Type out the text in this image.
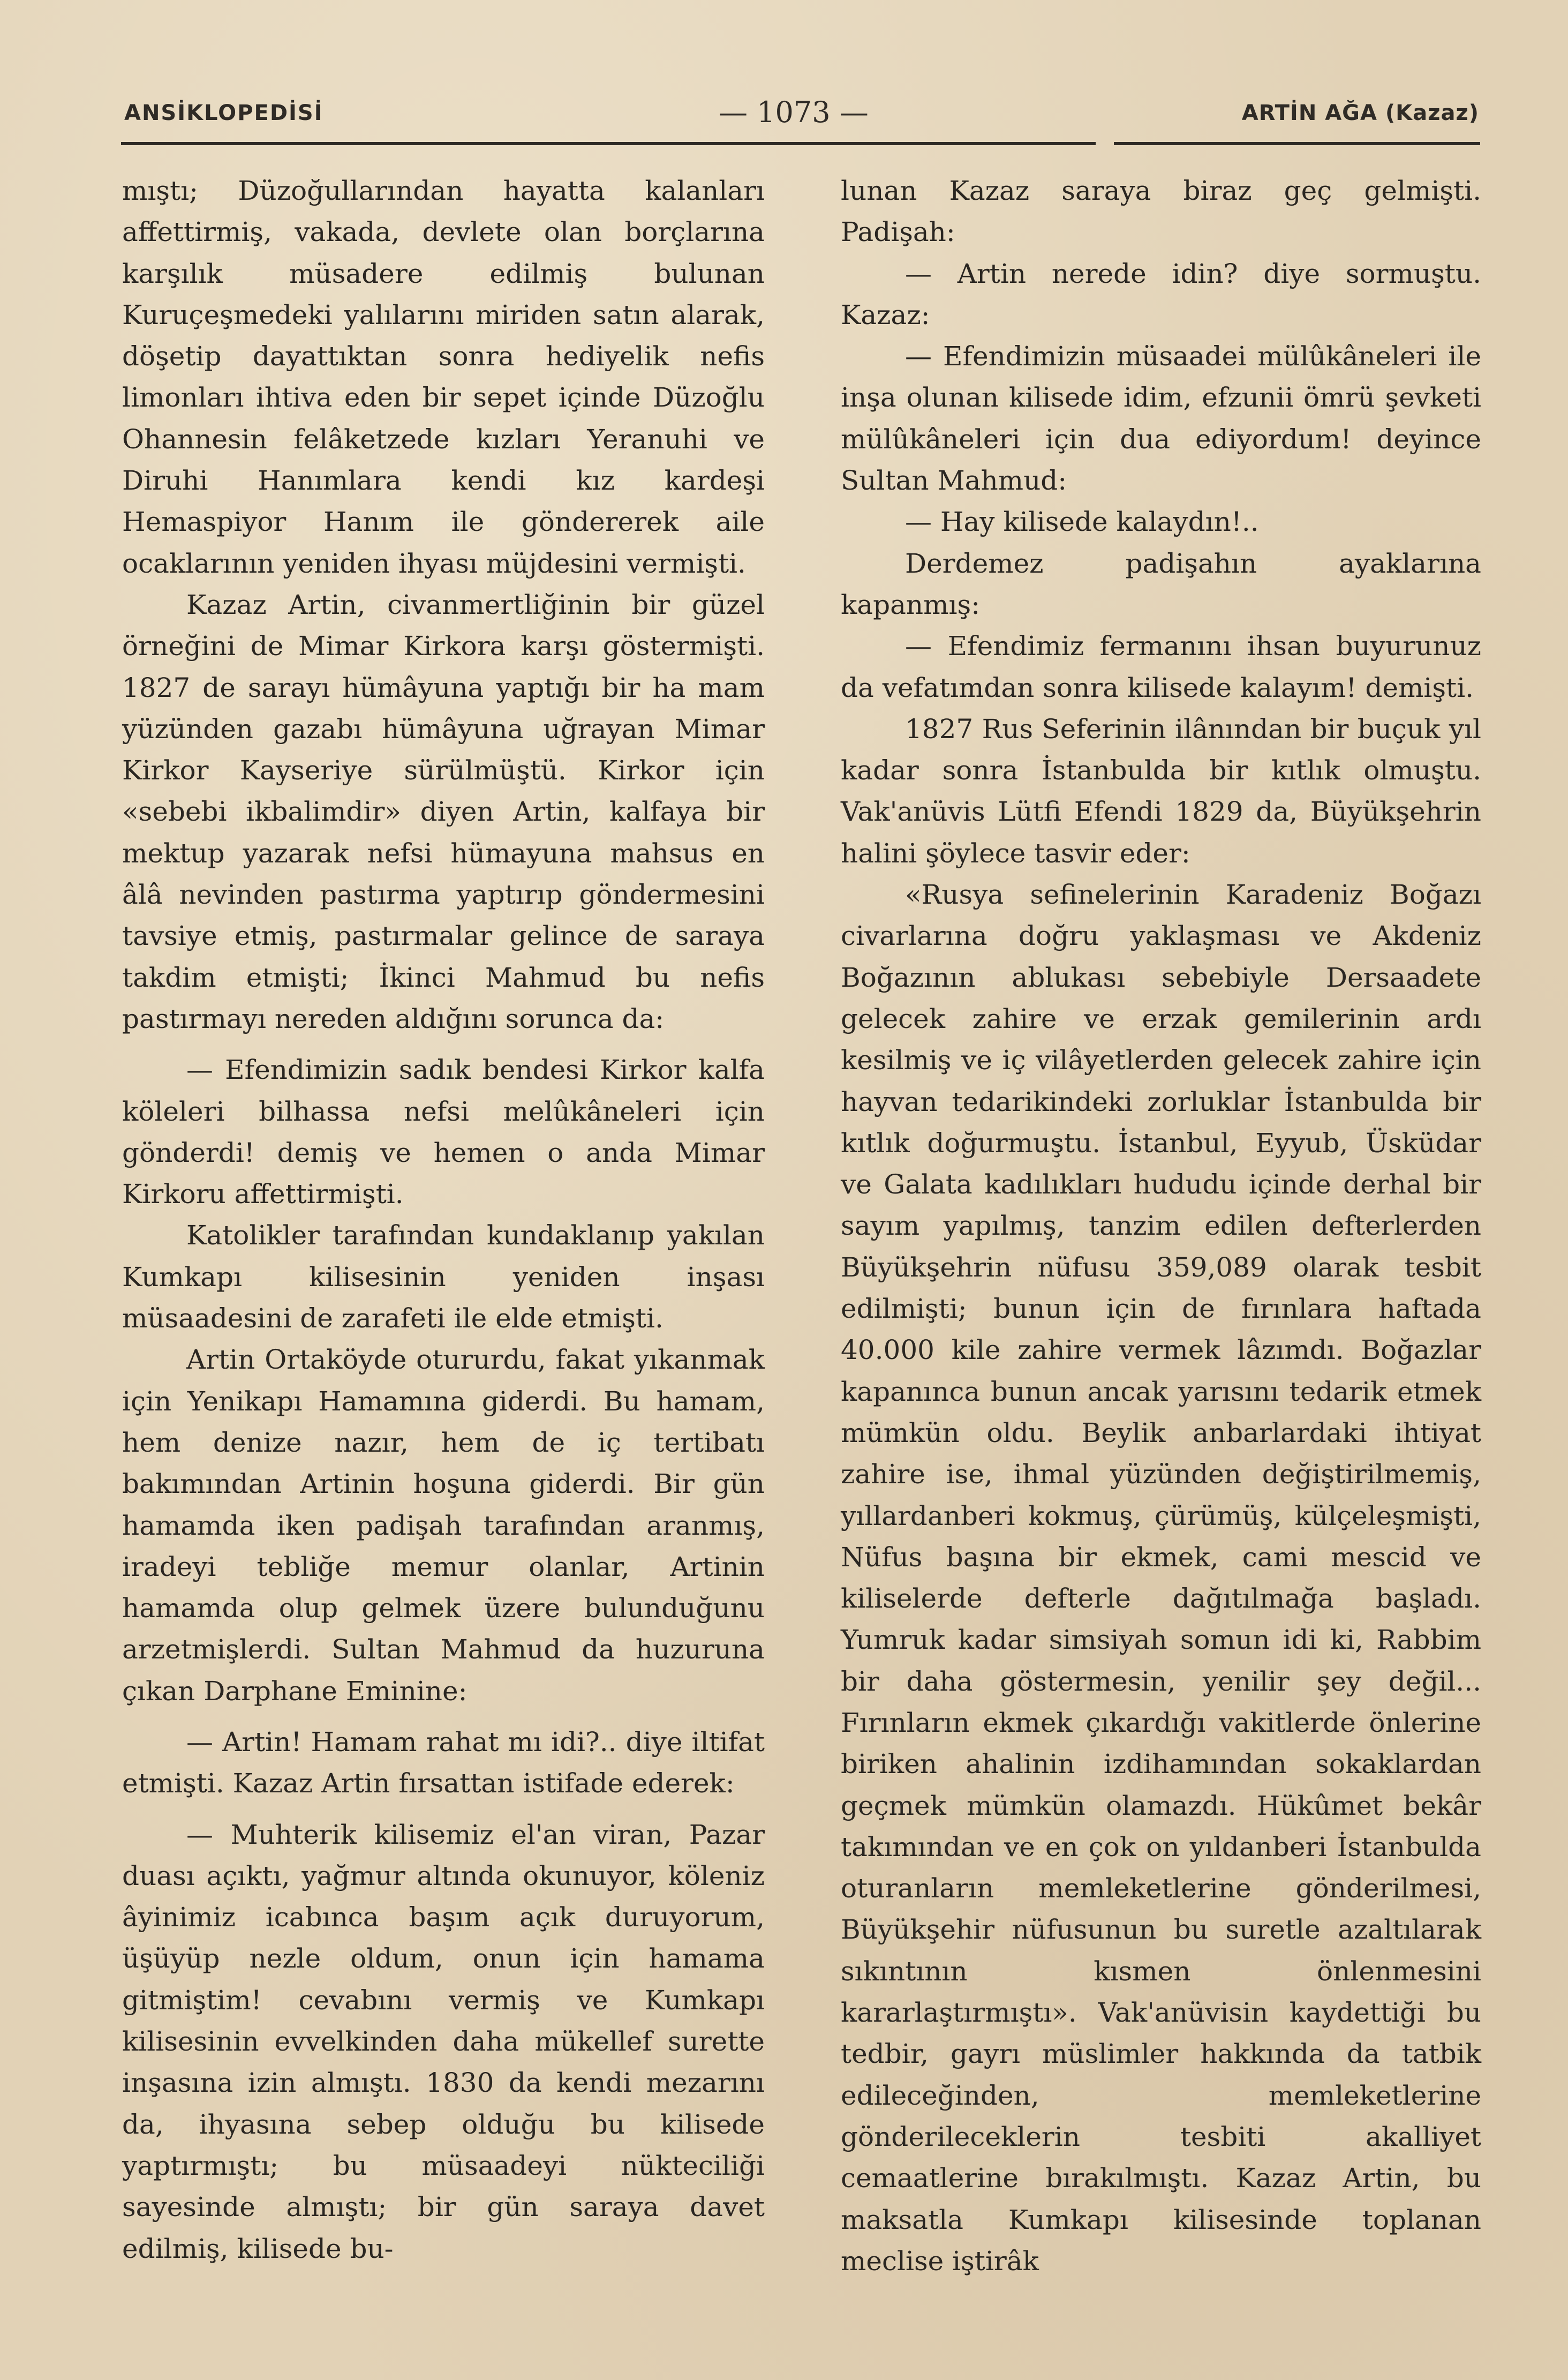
ANSİKLOPEDİSİ	— 1073 —	ARTİN AĞA (Kazaz)

mıştı; Düzoğullarından hayatta kalanları affettirmiş, vakada, devlete olan borçlarına karşılık müsadere edilmiş bulunan Kuruçeşmedeki yalılarını miriden satın alarak, döşetip dayattıktan sonra hediyelik nefis limonları ihtiva eden bir sepet içinde Düzoğlu Ohannesin felâketzede kızları Yeranuhi ve Diruhi Hanımlara kendi kız kardeşi Hemaspiyor Hanım ile göndererek aile ocaklarının yeniden ihyası müjdesini vermişti.

Kazaz Artin, civanmertliğinin bir güzel örneğini de Mimar Kirkora karşı göstermişti. 1827 de sarayı hümâyuna yaptığı bir ha mam yüzünden gazabı hümâyuna uğrayan Mimar Kirkor Kayseriye sürülmüştü. Kirkor için «sebebi ikbalimdir» diyen Artin, kalfaya bir mektup yazarak nefsi hümayuna mahsus en âlâ nevinden pastırma yaptırıp göndermesini tavsiye etmiş, pastırmalar gelince de saraya takdim etmişti; İkinci Mahmud bu nefis pastırmayı nereden aldığını sorunca da:

— Efendimizin sadık bendesi Kirkor kalfa köleleri bilhassa nefsi melûkâneleri için gönderdi! demiş ve hemen o anda Mimar Kirkoru affettirmişti.

Katolikler tarafından kundaklanıp yakılan Kumkapı kilisesinin yeniden inşası müsaadesini de zarafeti ile elde etmişti.

Artin Ortaköyde otururdu, fakat yıkanmak için Yenikapı Hamamına giderdi. Bu hamam, hem denize nazır, hem de iç tertibatı bakımından Artinin hoşuna giderdi. Bir gün hamamda iken padişah tarafından aranmış, iradeyi tebliğe memur olanlar, Artinin hamamda olup gelmek üzere bulunduğunu arzetmişlerdi. Sultan Mahmud da huzuruna çıkan Darphane Eminine:

— Artin! Hamam rahat mı idi?.. diye iltifat etmişti. Kazaz Artin fırsattan istifade ederek:

— Muhterik kilisemiz el'an viran, Pazar duası açıktı, yağmur altında okunuyor, köleniz âyinimiz icabınca başım açık duruyorum, üşüyüp nezle oldum, onun için hamama gitmiştim! cevabını vermiş ve Kumkapı kilisesinin evvelkinden daha mükellef surette inşasına izin almıştı. 1830 da kendi mezarını da, ihyasına sebep olduğu bu kilisede yaptırmıştı; bu müsaadeyi nükteciliği sayesinde almıştı; bir gün saraya davet edilmiş, kilisede bu-

lunan Kazaz saraya biraz geç gelmişti. Padişah:

— Artin nerede idin? diye sormuştu. Kazaz:

— Efendimizin müsaadei mülûkâneleri ile inşa olunan kilisede idim, efzunii ömrü şevketi mülûkâneleri için dua ediyordum! deyince Sultan Mahmud:

— Hay kilisede kalaydın!..

Derdemez padişahın ayaklarına kapanmış:

— Efendimiz fermanını ihsan buyurunuz da vefatımdan sonra kilisede kalayım! demişti.

1827 Rus Seferinin ilânından bir buçuk yıl kadar sonra İstanbulda bir kıtlık olmuştu. Vak'anüvis Lütfi Efendi 1829 da, Büyükşehrin halini şöylece tasvir eder:

«Rusya sefinelerinin Karadeniz Boğazı civarlarına doğru yaklaşması ve Akdeniz Boğazının ablukası sebebiyle Dersaadete gelecek zahire ve erzak gemilerinin ardı kesilmiş ve iç vilâyetlerden gelecek zahire için hayvan tedarikindeki zorluklar İstanbulda bir kıtlık doğurmuştu. İstanbul, Eyyub, Üsküdar ve Galata kadılıkları hududu içinde derhal bir sayım yapılmış, tanzim edilen defterlerden Büyükşehrin nüfusu 359,089 olarak tesbit edilmişti; bunun için de fırınlara haftada 40.000 kile zahire vermek lâzımdı. Boğazlar kapanınca bunun ancak yarısını tedarik etmek mümkün oldu. Beylik anbarlardaki ihtiyat zahire ise, ihmal yüzünden değiştirilmemiş, yıllardanberi kokmuş, çürümüş, külçeleşmişti, Nüfus başına bir ekmek, cami mescid ve kiliselerde defterle dağıtılmağa başladı. Yumruk kadar simsiyah somun idi ki, Rabbim bir daha göstermesin, yenilir şey değil... Fırınların ekmek çıkardığı vakitlerde önlerine biriken ahalinin izdihamından sokaklardan geçmek mümkün olamazdı. Hükûmet bekâr takımından ve en çok on yıldanberi İstanbulda oturanların memleketlerine gönderilmesi, Büyükşehir nüfusunun bu suretle azaltılarak sıkıntının kısmen önlenmesini kararlaştırmıştı». Vak'anüvisin kaydettiği bu tedbir, gayrı müslimler hakkında da tatbik edileceğinden, memleketlerine gönderilecеklerin tesbiti akalliyet cemaatlerine bırakılmıştı. Kazaz Artin, bu maksatla Kumkapı kilisesinde toplanan meclise iştirâk
